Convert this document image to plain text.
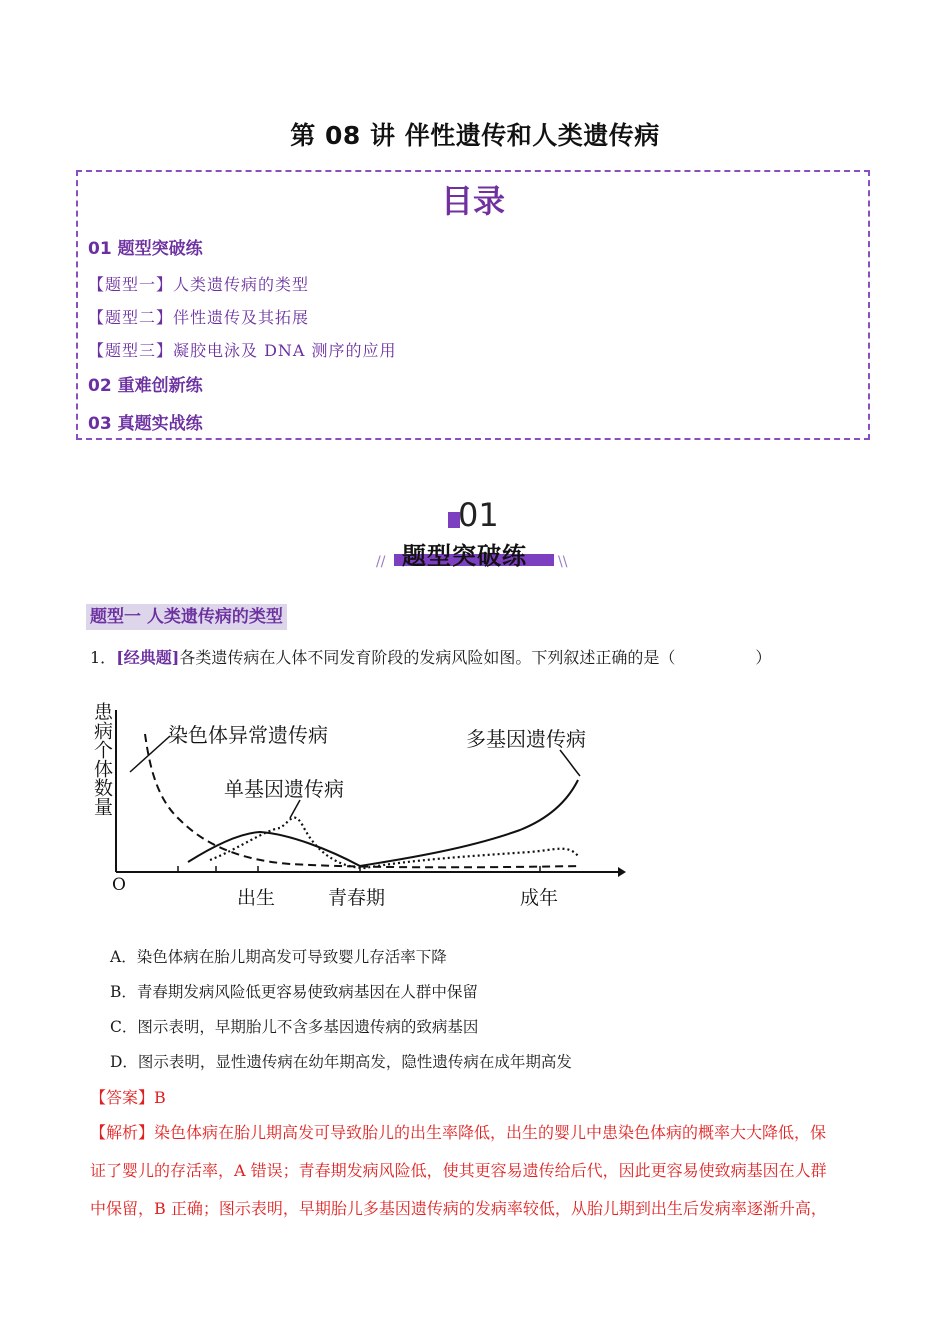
第 08 讲 伴性遗传和人类遗传病
目录
01 题型突破练
【题型一】人类遗传病的类型
【题型二】伴性遗传及其拓展
【题型三】凝胶电泳及 DNA 测序的应用
02 重难创新练
03 真题实战练
01
题型突破练
//	\\
题型一 人类遗传病的类型
1．[经典题]各类遗传病在人体不同发育阶段的发病风险如图。下列叙述正确的是（　　　　　）
患病个体数量
O
出生	青春期	成年
染色体异常遗传病
单基因遗传病
多基因遗传病
A．染色体病在胎儿期高发可导致婴儿存活率下降
B．青春期发病风险低更容易使致病基因在人群中保留
C．图示表明，早期胎儿不含多基因遗传病的致病基因
D．图示表明，显性遗传病在幼年期高发，隐性遗传病在成年期高发
【答案】B
【解析】染色体病在胎儿期高发可导致胎儿的出生率降低，出生的婴儿中患染色体病的概率大大降低，保
证了婴儿的存活率，A 错误；青春期发病风险低，使其更容易遗传给后代，因此更容易使致病基因在人群
中保留，B 正确；图示表明，早期胎儿多基因遗传病的发病率较低，从胎儿期到出生后发病率逐渐升高，
